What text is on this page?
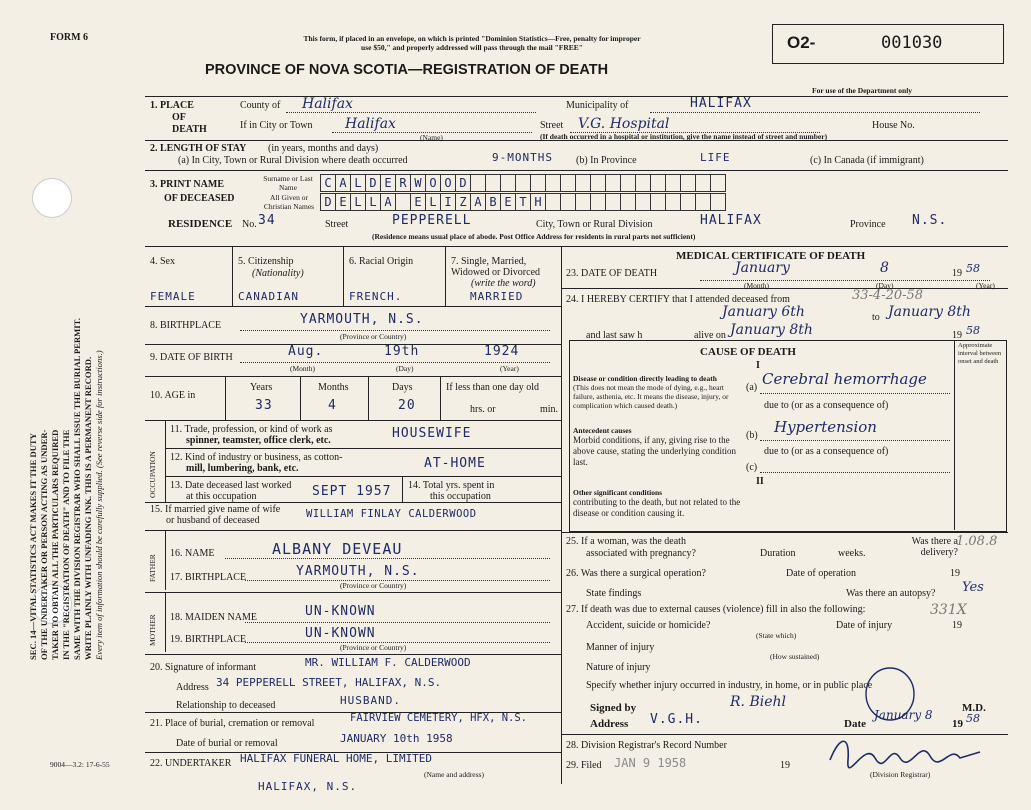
SEC. 14—VITAL STATISTICS ACT MAKES IT THE DUTY OF THE UNDERTAKER OR PERSON ACTING AS UNDER- TAKER TO OBTAIN ALL THE PARTICULARS REQUIRED IN THE "REGISTRATION OF DEATH" AND TO FILE THE SAME WITH THE DIVISION REGISTRAR WHO SHALL ISSUE THE BURIAL PERMIT. WRITE PLAINLY WITH UNFADING INK. THIS IS A PERMANENT RECORD. Every item of information should be carefully supplied. (See reverse side for instructions.)
FORM 6	This form, if placed in an envelope, on which is printed "Dominion Statistics—Free, penalty for improper
use $50," and properly addressed will pass through the mail "FREE"
PROVINCE OF NOVA SCOTIA—REGISTRATION OF DEATH
O2-	001030
For use of the Department only
1. PLACE
OF
DEATH
County of Halifax
If in City or Town Halifax
(Name)
Municipality of	HALIFAX
Street V.G. Hospital	House No.
(If death occurred in a hospital or institution, give the name instead of street and number)
2. LENGTH OF STAY (in years, months and days)
(a) In City, Town or Rural Division where death occurred	9-MONTHS (b) In Province	LIFE	(c) In Canada (if immigrant)
3. PRINT NAME
OF DECEASED
Surname or Last Name	C A L D E R W O O D
All Given or Christian Names D E L L A	E L I Z A B E T H
RESIDENCE No. 34	Street	PEPPERELL	City, Town or Rural Division	HALIFAX	Province N.S.
(Residence means usual place of abode. Post Office Address for residents in rural parts not sufficient)
4. Sex
FEMALE
5. Citizenship
(Nationality)
CANADIAN
6. Racial Origin
FRENCH.
7. Single, Married, Widowed or Divorced
(write the word)
MARRIED
8. BIRTHPLACE	YARMOUTH, N.S.
(Province or Country)
9. DATE OF BIRTH	Aug.	19th	1924
(Month)	(Day)	(Year)
10. AGE in
Years	Months	Days
33	4	20
If less than one day old
hrs. or	min.
OCCUPATION
11. Trade, profession, or kind of work as
spinner, teamster, office clerk, etc.	HOUSEWIFE
12. Kind of industry or business, as cotton-
mill, lumbering, bank, etc.	AT-HOME
13. Date deceased last worked
at this occupation	SEPT 1957 14. Total yrs. spent in
this occupation
15. If married give name of wife
or husband of deceased
WILLIAM FINLAY CALDERWOOD
FATHER
16. NAME	ALBANY DEVEAU
17. BIRTHPLACE	YARMOUTH, N.S.
(Province or Country)
MOTHER 18. MAIDEN NAME	UN-KNOWN
19. BIRTHPLACE	UN-KNOWN
(Province or Country)
20. Signature of informant	MR. WILLIAM F. CALDERWOOD
Address 34 PEPPERELL STREET, HALIFAX, N.S.
Relationship to deceased	HUSBAND.
21. Place of burial, cremation or removal	FAIRVIEW CEMETERY, HFX, N.S.
Date of burial or removal	JANUARY 10th 1958
22. UNDERTAKER HALIFAX FUNERAL HOME, LIMITED
(Name and address)
HALIFAX, N.S.
9004—3.2: 17-6-55
MEDICAL CERTIFICATE OF DEATH
23. DATE OF DEATH	January	8	19 58
(Month)	(Day)	(Year)
24. I HEREBY CERTIFY that I attended deceased from	33-4-20-58
January 6th	to January 8th
and last saw h	alive on January 8th	19 58
CAUSE OF DEATH
Approximate interval between onset and death
I
Disease or condition directly leading to death
(This does not mean the mode of dying, e.g., heart failure, asthenia, etc. It means the disease, injury, or complication which caused death.)
(a) Cerebral hemorrhage
due to (or as a consequence of)
Antecedent causes
Morbid conditions, if any, giving rise to the above cause, stating the underlying condition last.
(b) Hypertension
due to (or as a consequence of)
(c)
II
Other significant conditions
contributing to the death, but not related to the disease or condition causing it.
25. If a woman, was the death
associated with pregnancy?	Duration	weeks.
Was there a delivery?
1.08.8
26. Was there a surgical operation?	Date of operation	19
State findings	Was there an autopsy? Yes
27. If death was due to external causes (violence) fill in also the following:
Accident, suicide or homicide?
331X
Date of injury	19
(State which)
Manner of injury
(How sustained)
Nature of injury
Specify whether injury occurred in industry, in home, or in public place
Signed by	R. Biehl	M.D.
Address V.G.H.	Date
January 8
19 58
28. Division Registrar's Record Number
29. Filed JAN 9 1958	19
(Division Registrar)
